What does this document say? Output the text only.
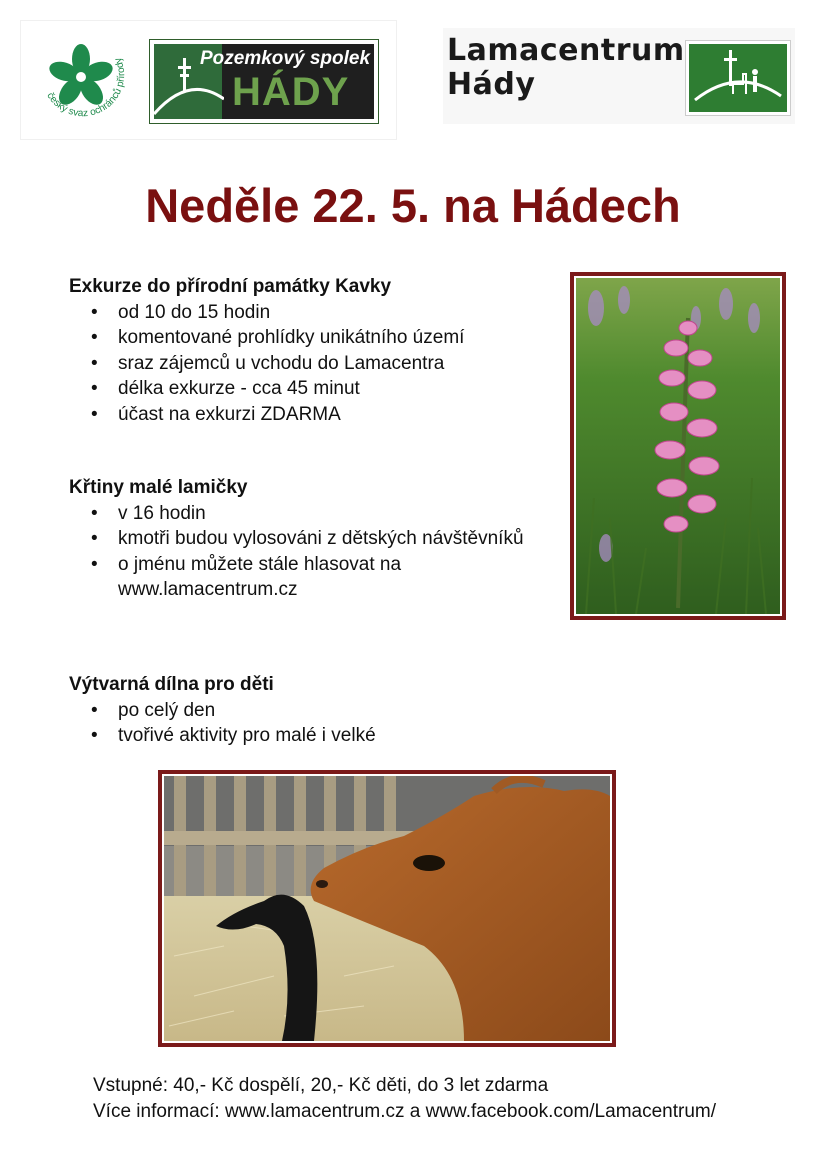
český svaz ochránců přírody	Pozemkový spolek
HÁDY
Lamacentrum
Hády
Neděle 22. 5. na Hádech
Exkurze do přírodní památky Kavky
• od 10 do 15 hodin
• komentované prohlídky unikátního území
• sraz zájemců u vchodu do Lamacentra
• délka exkurze - cca 45 minut
• účast na exkurzi ZDARMA
Křtiny malé lamičky
• v 16 hodin
• kmotři budou vylosováni z dětských návštěvníků
• o jménu můžete stále hlasovat na www.lamacentrum.cz
Výtvarná dílna pro děti
• po celý den
• tvořivé aktivity pro malé i velké
Vstupné: 40,- Kč dospělí, 20,- Kč děti, do 3 let zdarma
Více informací: www.lamacentrum.cz a www.facebook.com/Lamacentrum/
